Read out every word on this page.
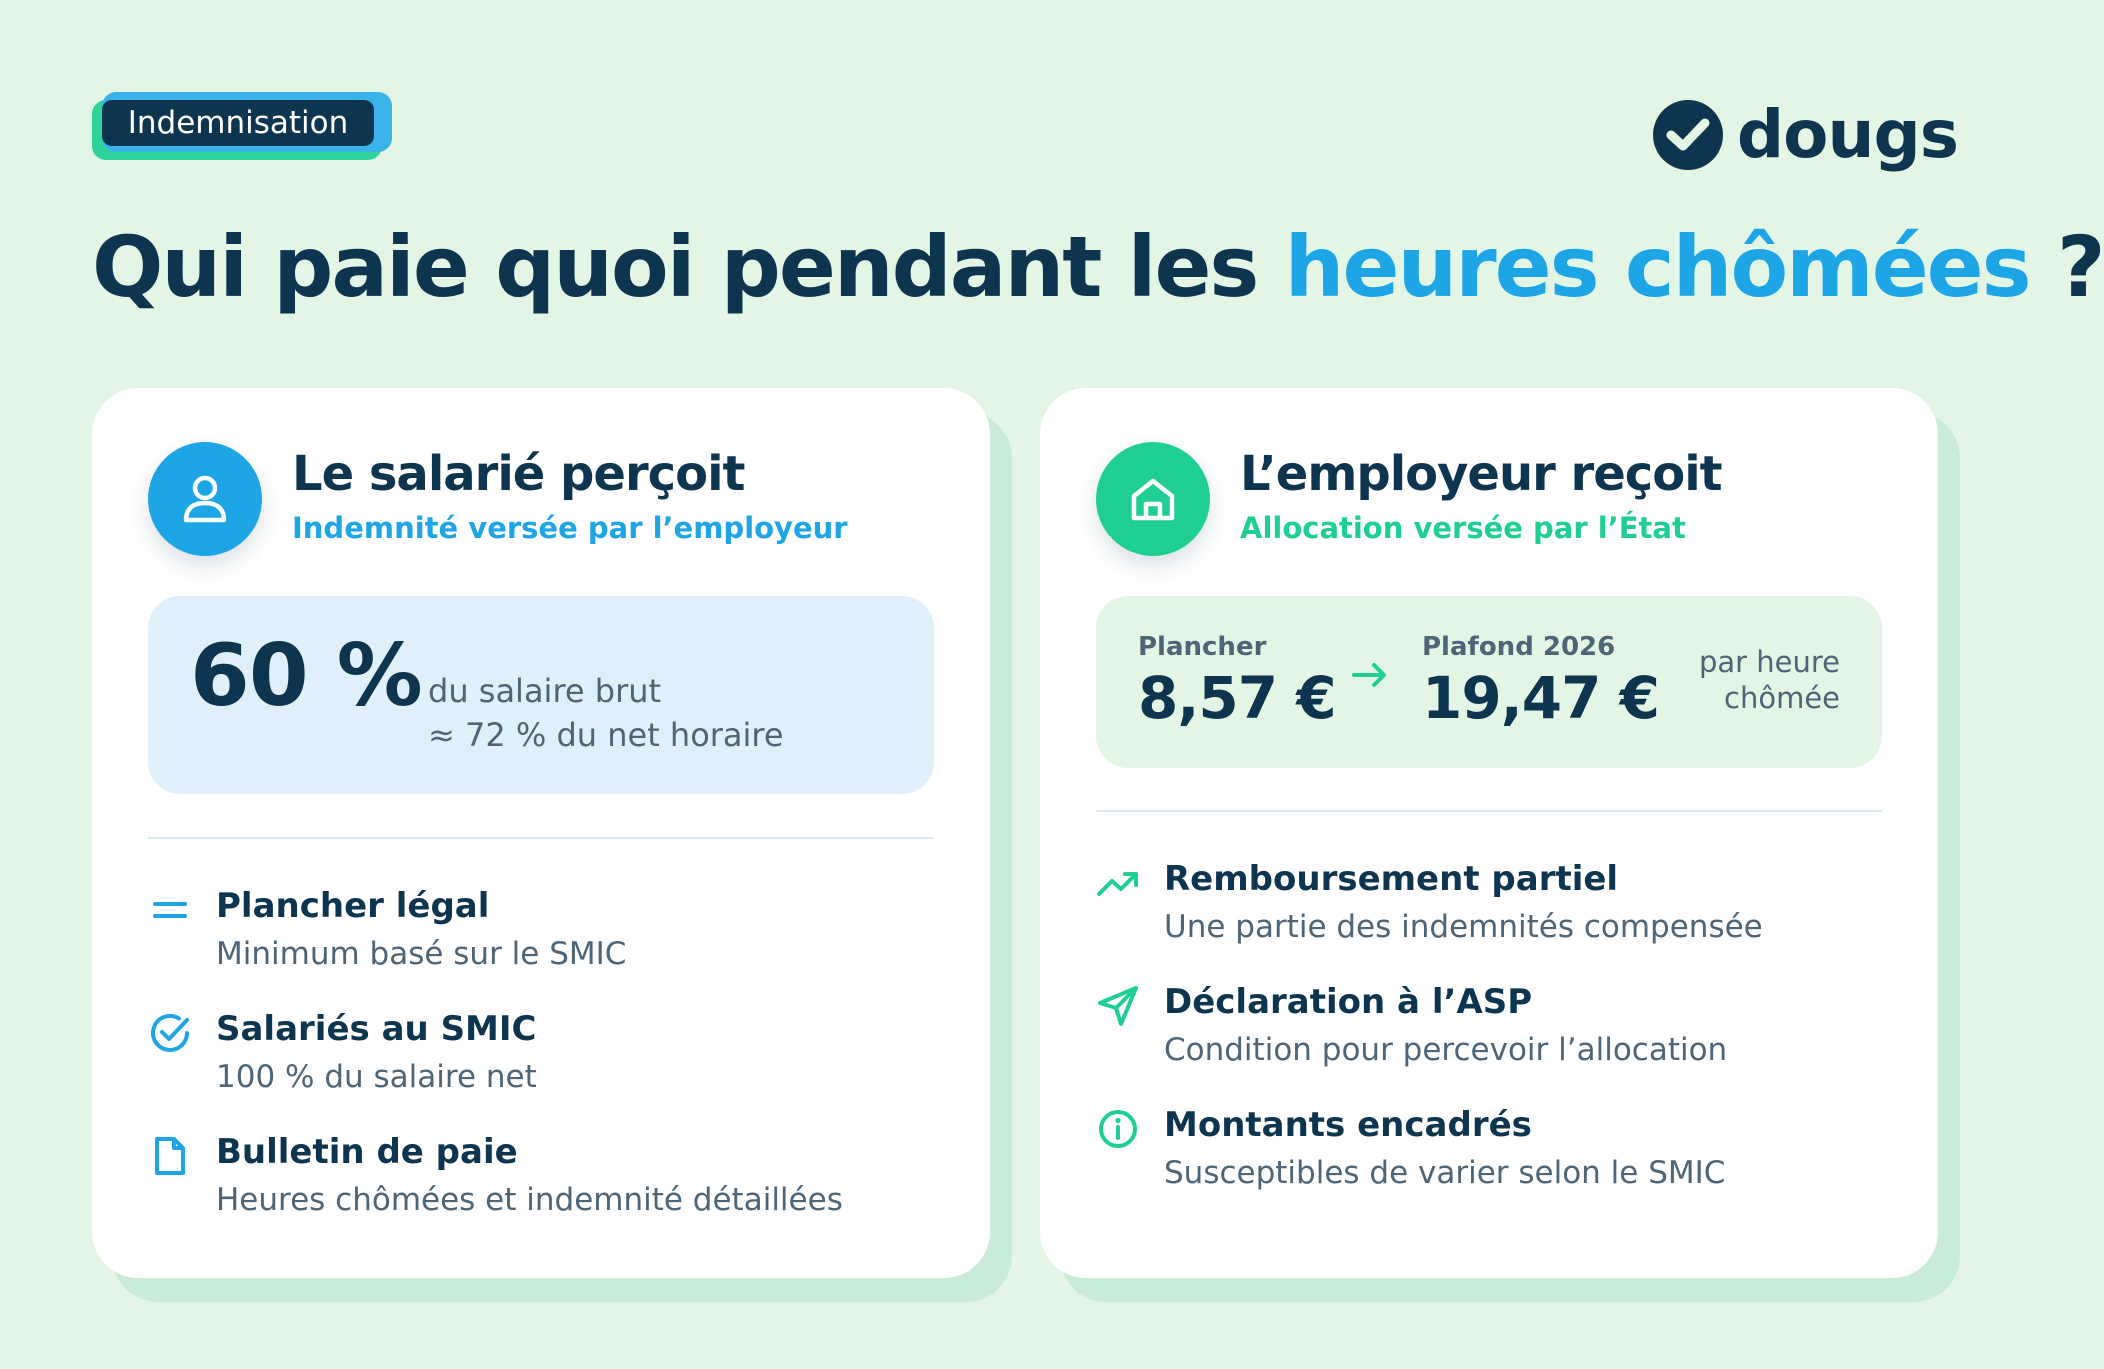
Indemnisation	dougs
Qui paie quoi pendant les heures chômées ?
Le salarié perçoit
Indemnité versée par l’employeur
60 % du salaire brut
≈ 72 % du net horaire
Plancher légal
Minimum basé sur le SMIC
Salariés au SMIC
100 % du salaire net
Bulletin de paie
Heures chômées et indemnité détaillées
L’employeur reçoit
Allocation versée par l’État
Plancher
8,57 €
Plafond 2026
19,47 €
par heure
chômée
Remboursement partiel
Une partie des indemnités compensée
Déclaration à l’ASP
Condition pour percevoir l’allocation
Montants encadrés
Susceptibles de varier selon le SMIC
